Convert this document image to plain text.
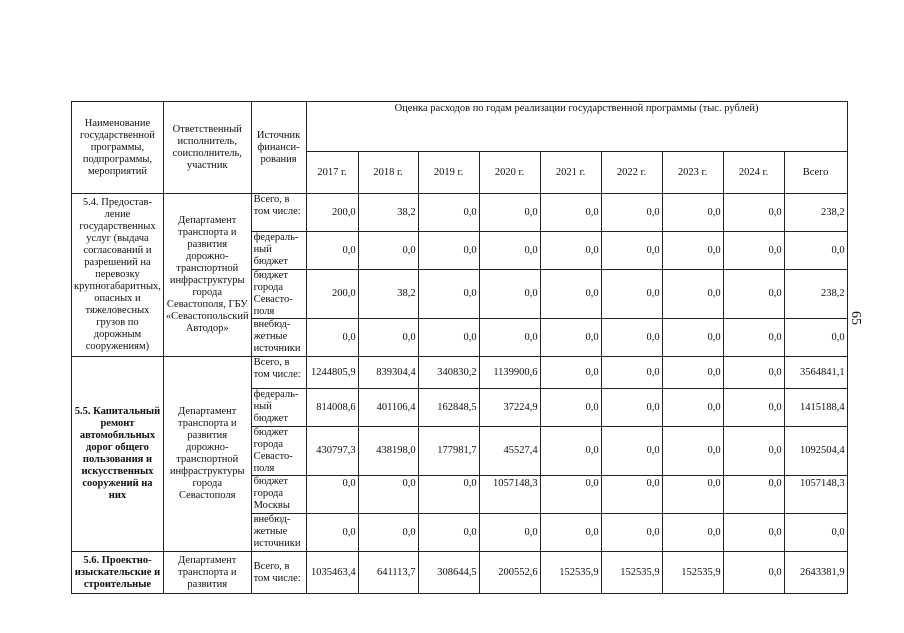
Наименование государственной программы, подпрограммы, мероприятий	Ответственный исполнитель, соисполнитель, участник	Источник финанси-рования	Оценка расходов по годам реализации государственной программы (тыс. рублей)								
			2017 г.	2018 г.	2019 г.	2020 г.	2021 г.	2022 г.	2023 г.	2024 г.	Всего
5.4. Предостав-ление государственных услуг (выдача согласований и разрешений на перевозку крупногабаритных, опасных и тяжеловесных грузов по дорожным сооружениям)	Департамент транспорта и развития дорожно-транспортной инфраструктуры города Севастополя, ГБУ «Севастопольский Автодор»	Всего, в том числе:	200,0	38,2	0,0	0,0	0,0	0,0	0,0	0,0	238,2
		федераль-ный бюджет	0,0	0,0	0,0	0,0	0,0	0,0	0,0	0,0	0,0
		бюджет города Севасто-поля	200,0	38,2	0,0	0,0	0,0	0,0	0,0	0,0	238,2
		внебюд-жетные источники	0,0	0,0	0,0	0,0	0,0	0,0	0,0	0,0	0,0
5.5. Капитальный ремонт автомобильных дорог общего пользования и искусственных сооружений на них	Департамент транспорта и развития дорожно-транспортной инфраструктуры города Севастополя	Всего, в том числе:	1244805,9	839304,4	340830,2	1139900,6	0,0	0,0	0,0	0,0	3564841,1
		федераль-ный бюджет	814008,6	401106,4	162848,5	37224,9	0,0	0,0	0,0	0,0	1415188,4
		бюджет города Севасто-поля	430797,3	438198,0	177981,7	45527,4	0,0	0,0	0,0	0,0	1092504,4
		бюджет города Москвы	0,0	0,0	0,0	1057148,3	0,0	0,0	0,0	0,0	1057148,3
		внебюд-жетные источники	0,0	0,0	0,0	0,0	0,0	0,0	0,0	0,0	0,0
5.6. Проектно-изыскательские и строительные	Департамент транспорта и развития	Всего, в том числе:	1035463,4	641113,7	308644,5	200552,6	152535,9	152535,9	152535,9	0,0	2643381,9
65
